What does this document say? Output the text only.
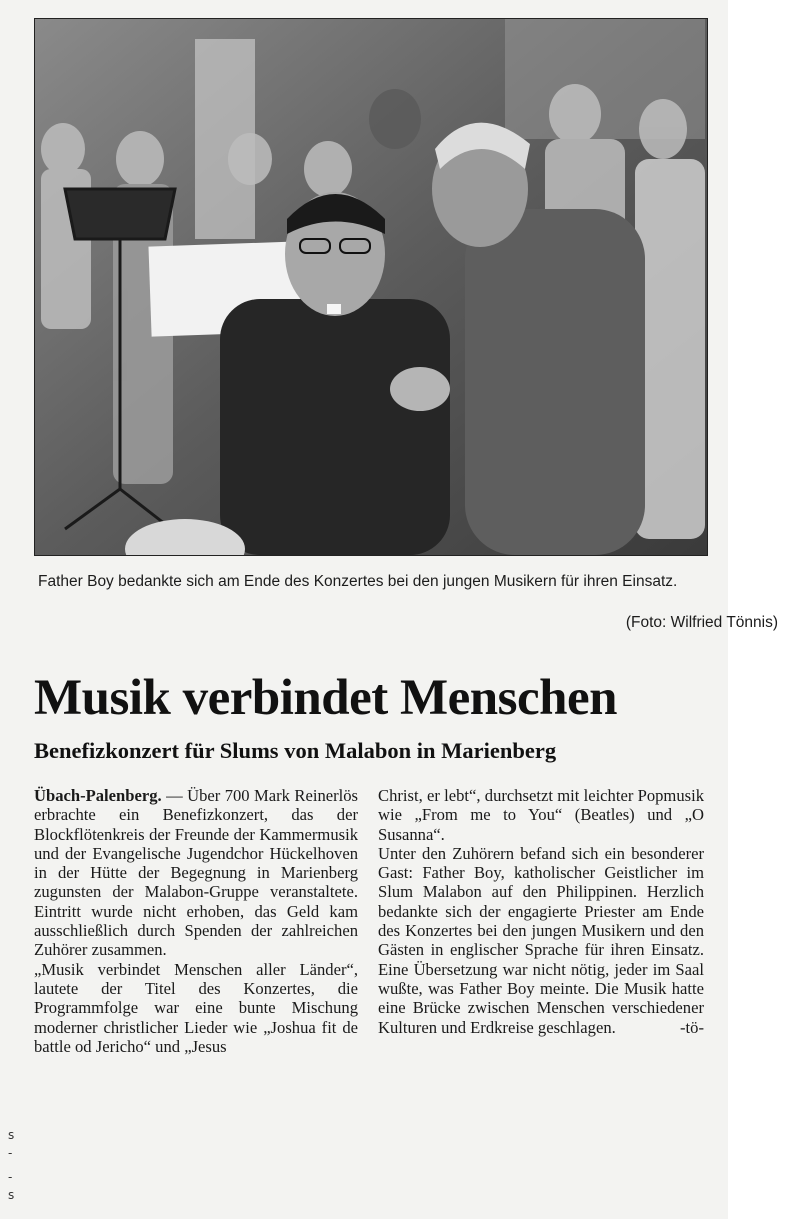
Father Boy bedankte sich am Ende des Konzertes bei den jungen Musikern für ihren Einsatz.
(Foto: Wilfried Tönnis)
Musik verbindet Menschen
Benefizkonzert für Slums von Malabon in Marienberg

Übach-Palenberg. — Über 700 Mark Reinerlös erbrachte ein Benefizkonzert, das der Blockflötenkreis der Freunde der Kammermusik und der Evangelische Jugendchor Hückelhoven in der Hütte der Begegnung in Marienberg zugunsten der Malabon-Gruppe veranstaltete. Eintritt wurde nicht erhoben, das Geld kam ausschließlich durch Spenden der zahlreichen Zuhörer zusammen.

„Musik verbindet Menschen aller Länder“, lautete der Titel des Konzertes, die Programmfolge war eine bunte Mischung moderner christlicher Lieder wie „Joshua fit de battle od Jericho“ und „Jesus

Christ, er lebt“, durchsetzt mit leichter Popmusik wie „From me to You“ (Beatles) und „O Susanna“.

Unter den Zuhörern befand sich ein besonderer Gast: Father Boy, katholischer Geistlicher im Slum Malabon auf den Philippinen. Herzlich bedankte sich der engagierte Priester am Ende des Konzertes bei den jungen Musikern und den Gästen in englischer Sprache für ihren Einsatz. Eine Übersetzung war nicht nötig, jeder im Saal wußte, was Father Boy meinte. Die Musik hatte eine Brücke zwischen Menschen verschiedener Kulturen und Erdkreise geschlagen.	-tö-

s
-
-
s
